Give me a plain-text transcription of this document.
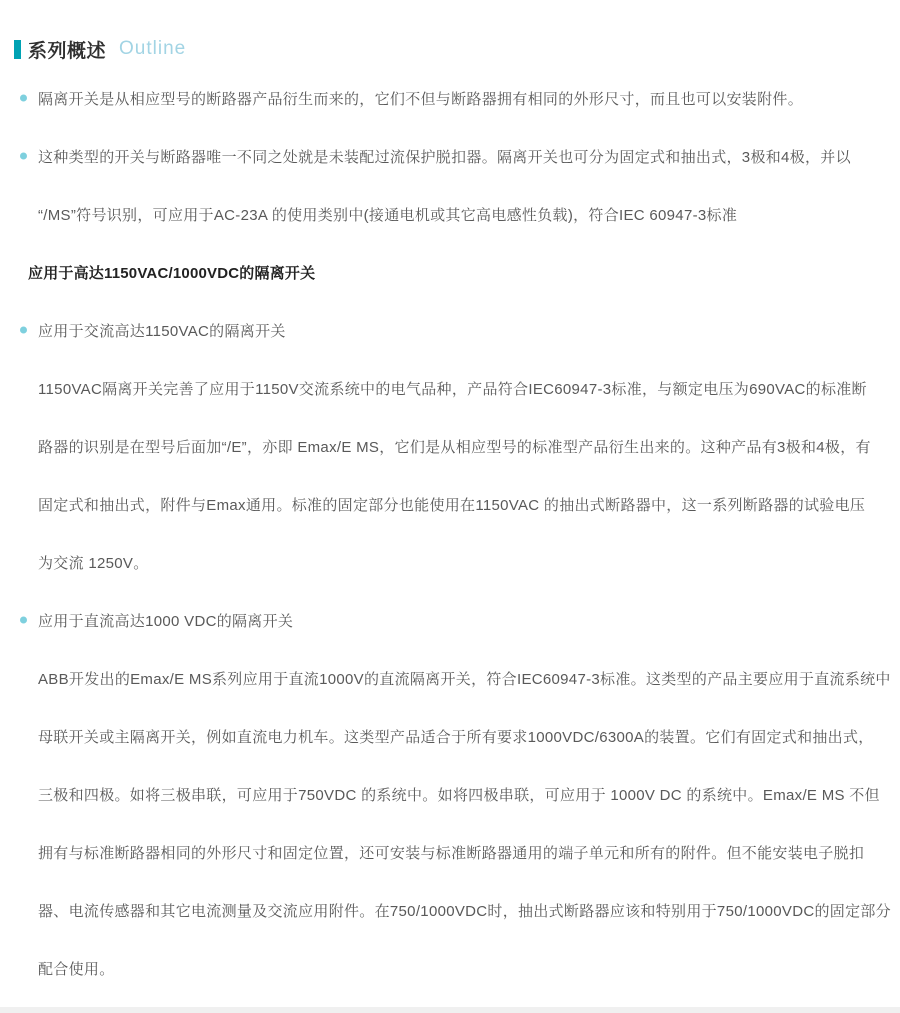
系列概述 Outline
隔离开关是从相应型号的断路器产品衍生而来的，它们不但与断路器拥有相同的外形尺寸，而且也可以安装附件。
这种类型的开关与断路器唯一不同之处就是未装配过流保护脱扣器。隔离开关也可分为固定式和抽出式，3极和4极，并以
“/MS”符号识别，可应用于AC-23A 的使用类别中(接通电机或其它高电感性负载)，符合IEC 60947-3标准
应用于高达1150VAC/1000VDC的隔离开关
应用于交流高达1150VAC的隔离开关
1150VAC隔离开关完善了应用于1150V交流系统中的电气品种，产品符合IEC60947-3标准，与额定电压为690VAC的标准断
路器的识别是在型号后面加“/E”，亦即 Emax/E MS，它们是从相应型号的标准型产品衍生出来的。这种产品有3极和4极，有
固定式和抽出式，附件与Emax通用。标准的固定部分也能使用在1150VAC 的抽出式断路器中，这一系列断路器的试验电压
为交流 1250V。
应用于直流高达1000 VDC的隔离开关
ABB开发出的Emax/E MS系列应用于直流1000V的直流隔离开关，符合IEC60947-3标准。这类型的产品主要应用于直流系统中
母联开关或主隔离开关，例如直流电力机车。这类型产品适合于所有要求1000VDC/6300A的装置。它们有固定式和抽出式，
三极和四极。如将三极串联，可应用于750VDC 的系统中。如将四极串联，可应用于 1000V DC 的系统中。Emax/E MS 不但
拥有与标准断路器相同的外形尺寸和固定位置，还可安装与标准断路器通用的端子单元和所有的附件。但不能安装电子脱扣
器、电流传感器和其它电流测量及交流应用附件。在750/1000VDC时，抽出式断路器应该和特别用于750/1000VDC的固定部分
配合使用。
